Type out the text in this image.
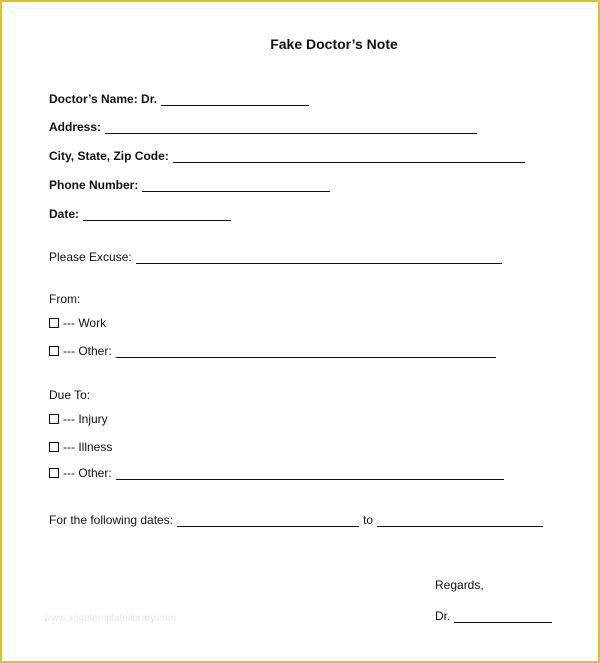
Fake Doctor’s Note
Doctor’s Name: Dr.
Address:
City, State, Zip Code:
Phone Number:
Date:
Please Excuse:
From:
--- Work
--- Other:
Due To:
--- Injury
--- Illness
--- Other:
For the following dates:	to
Regards,
Dr.
www.sagetemplatelibrary.com
